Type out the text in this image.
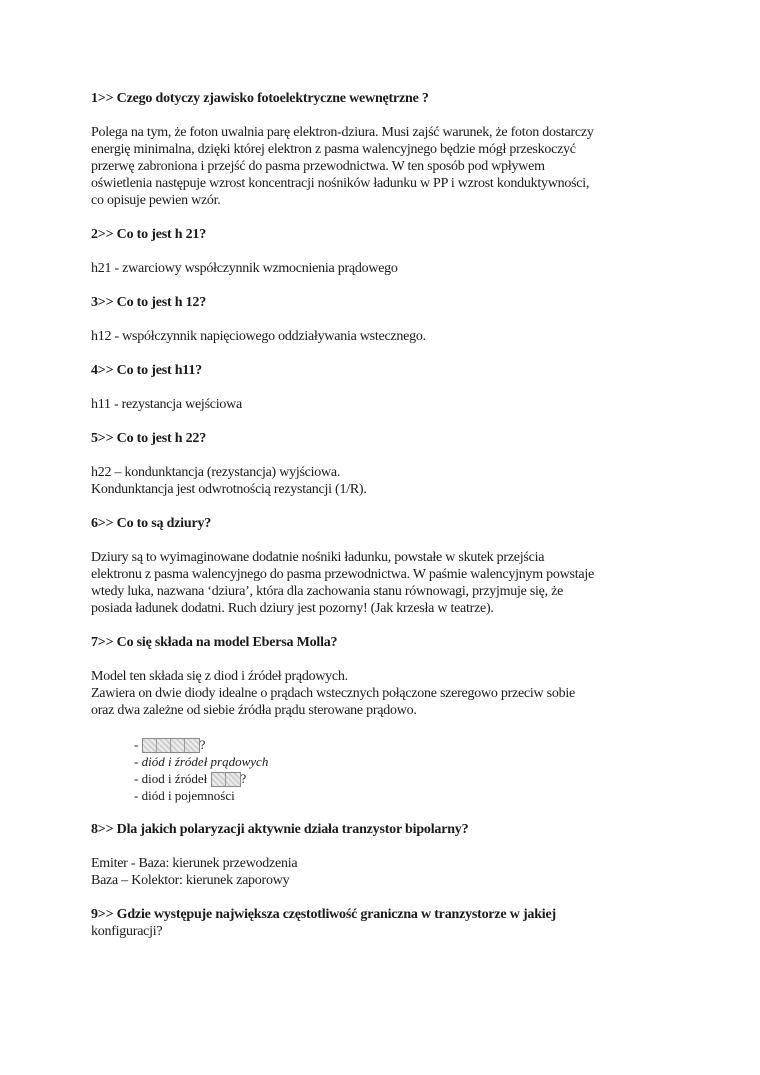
1>> Czego dotyczy zjawisko fotoelektryczne wewnętrzne ?
Polega na tym, że foton uwalnia parę elektron-dziura. Musi zajść warunek, że foton dostarczy
energię minimalna, dzięki której elektron z pasma walencyjnego będzie mógł przeskoczyć
przerwę zabroniona i przejść do pasma przewodnictwa. W ten sposób pod wpływem
oświetlenia następuje wzrost koncentracji nośników ładunku w PP i wzrost konduktywności,
co opisuje pewien wzór.
2>> Co to jest h 21?
h21 - zwarciowy współczynnik wzmocnienia prądowego
3>> Co to jest h 12?
h12 - współczynnik napięciowego oddziaływania wstecznego.
4>> Co to jest h11?
h11 - rezystancja wejściowa
5>> Co to jest h 22?
h22 – kondunktancja (rezystancja) wyjściowa.
Kondunktancja jest odwrotnością rezystancji (1/R).
6>> Co to są dziury?
Dziury są to wyimaginowane dodatnie nośniki ładunku, powstałe w skutek przejścia
elektronu z pasma walencyjnego do pasma przewodnictwa. W paśmie walencyjnym powstaje
wtedy luka, nazwana ‘dziura’, która dla zachowania stanu równowagi, przyjmuje się, że
posiada ładunek dodatni. Ruch dziury jest pozorny! (Jak krzesła w teatrze).
7>> Co się składa na model Ebersa Molla?
Model ten składa się z diod i źródeł prądowych.
Zawiera on dwie diody idealne o prądach wstecznych połączone szeregowo przeciw sobie
oraz dwa zależne od siebie źródła prądu sterowane prądowo.
-	?
- diód i źródeł prądowych
- diod i źródeł ?
- diód i pojemności
8>> Dla jakich polaryzacji aktywnie działa tranzystor bipolarny?
Emiter - Baza: kierunek przewodzenia
Baza – Kolektor: kierunek zaporowy
9>> Gdzie występuje największa częstotliwość graniczna w tranzystorze w jakiej
konfiguracji?
